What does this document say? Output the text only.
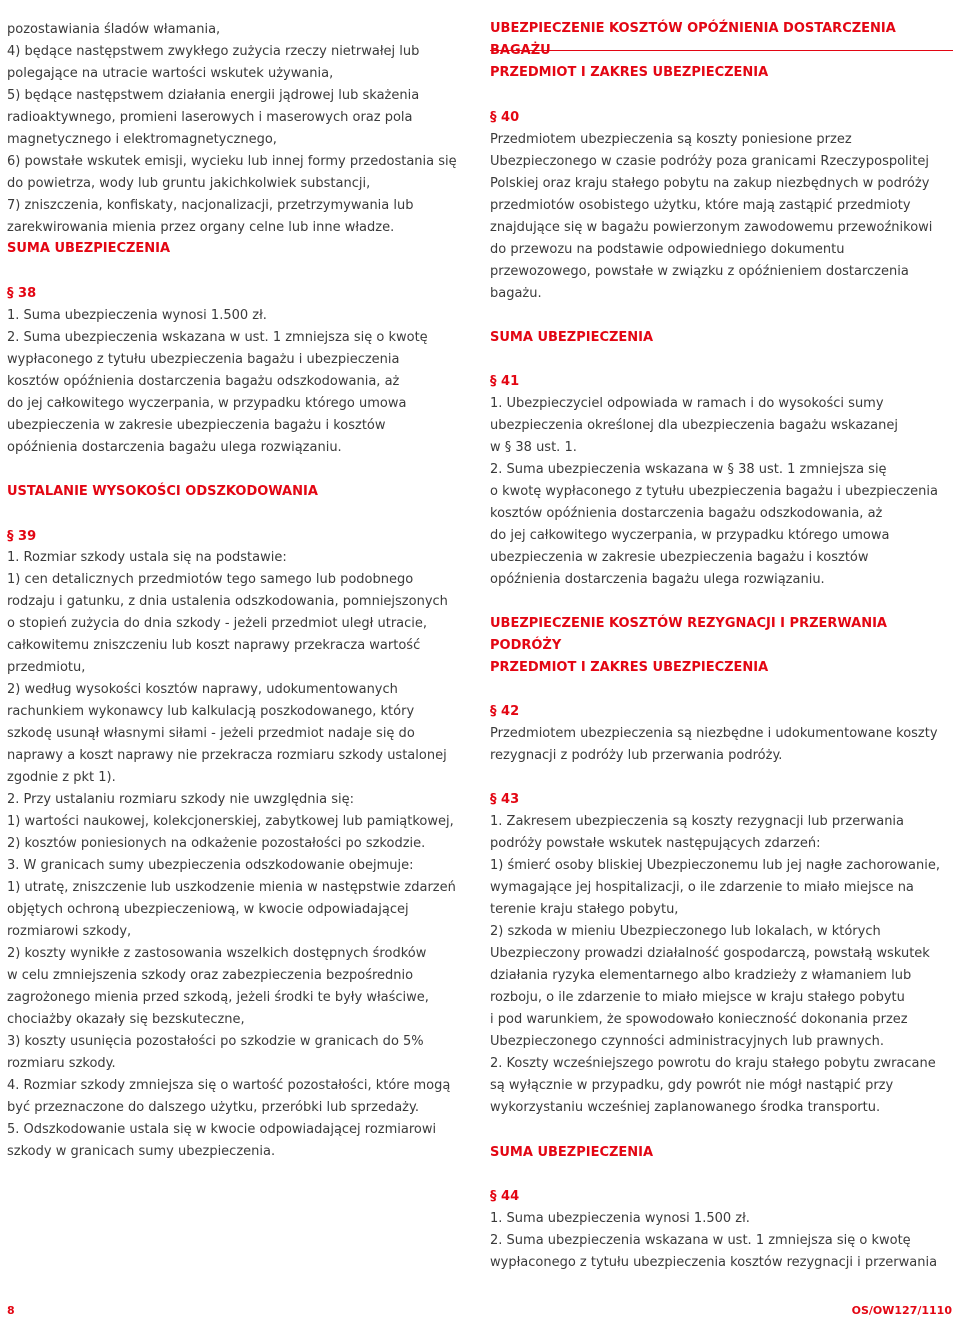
pozostawiania śladów włamania,
4) będące następstwem zwykłego zużycia rzeczy nietrwałej lub
polegające na utracie wartości wskutek używania,
5) będące następstwem działania energii jądrowej lub skażenia
radioaktywnego, promieni laserowych i maserowych oraz pola
magnetycznego i elektromagnetycznego,
6) powstałe wskutek emisji, wycieku lub innej formy przedostania się
do powietrza, wody lub gruntu jakichkolwiek substancji,
7) zniszczenia, konfiskaty, nacjonalizacji, przetrzymywania lub
zarekwirowania mienia przez organy celne lub inne władze.
SUMA UBEZPIECZENIA
§ 38
1. Suma ubezpieczenia wynosi 1.500 zł.
2. Suma ubezpieczenia wskazana w ust. 1 zmniejsza się o kwotę
wypłaconego z tytułu ubezpieczenia bagażu i ubezpieczenia
kosztów opóźnienia dostarczenia bagażu odszkodowania, aż
do jej całkowitego wyczerpania, w przypadku którego umowa
ubezpieczenia w zakresie ubezpieczenia bagażu i kosztów
opóźnienia dostarczenia bagażu ulega rozwiązaniu.
USTALANIE WYSOKOŚCI ODSZKODOWANIA
§ 39
1. Rozmiar szkody ustala się na podstawie:
1) cen detalicznych przedmiotów tego samego lub podobnego
rodzaju i gatunku, z dnia ustalenia odszkodowania, pomniejszonych
o stopień zużycia do dnia szkody - jeżeli przedmiot uległ utracie,
całkowitemu zniszczeniu lub koszt naprawy przekracza wartość
przedmiotu,
2) według wysokości kosztów naprawy, udokumentowanych
rachunkiem wykonawcy lub kalkulacją poszkodowanego, który
szkodę usunął własnymi siłami - jeżeli przedmiot nadaje się do
naprawy a koszt naprawy nie przekracza rozmiaru szkody ustalonej
zgodnie z pkt 1).
2. Przy ustalaniu rozmiaru szkody nie uwzględnia się:
1) wartości naukowej, kolekcjonerskiej, zabytkowej lub pamiątkowej,
2) kosztów poniesionych na odkażenie pozostałości po szkodzie.
3. W granicach sumy ubezpieczenia odszkodowanie obejmuje:
1) utratę, zniszczenie lub uszkodzenie mienia w następstwie zdarzeń
objętych ochroną ubezpieczeniową, w kwocie odpowiadającej
rozmiarowi szkody,
2) koszty wynikłe z zastosowania wszelkich dostępnych środków
w celu zmniejszenia szkody oraz zabezpieczenia bezpośrednio
zagrożonego mienia przed szkodą, jeżeli środki te były właściwe,
chociażby okazały się bezskuteczne,
3) koszty usunięcia pozostałości po szkodzie w granicach do 5%
rozmiaru szkody.
4. Rozmiar szkody zmniejsza się o wartość pozostałości, które mogą
być przeznaczone do dalszego użytku, przeróbki lub sprzedaży.
5. Odszkodowanie ustala się w kwocie odpowiadającej rozmiarowi
szkody w granicach sumy ubezpieczenia.
UBEZPIECZENIE KOSZTÓW OPÓŹNIENIA DOSTARCZENIA BAGAŻU
PRZEDMIOT I ZAKRES UBEZPIECZENIA
§ 40
Przedmiotem ubezpieczenia są koszty poniesione przez
Ubezpieczonego w czasie podróży poza granicami Rzeczypospolitej
Polskiej oraz kraju stałego pobytu na zakup niezbędnych w podróży
przedmiotów osobistego użytku, które mają zastąpić przedmioty
znajdujące się w bagażu powierzonym zawodowemu przewoźnikowi
do przewozu na podstawie odpowiedniego dokumentu
przewozowego, powstałe w związku z opóźnieniem dostarczenia
bagażu.
SUMA UBEZPIECZENIA
§ 41
1. Ubezpieczyciel odpowiada w ramach i do wysokości sumy
ubezpieczenia określonej dla ubezpieczenia bagażu wskazanej
w § 38 ust. 1.
2. Suma ubezpieczenia wskazana w § 38 ust. 1 zmniejsza się
o kwotę wypłaconego z tytułu ubezpieczenia bagażu i ubezpieczenia
kosztów opóźnienia dostarczenia bagażu odszkodowania, aż
do jej całkowitego wyczerpania, w przypadku którego umowa
ubezpieczenia w zakresie ubezpieczenia bagażu i kosztów
opóźnienia dostarczenia bagażu ulega rozwiązaniu.
UBEZPIECZENIE KOSZTÓW REZYGNACJI I PRZERWANIA PODRÓŻY
PRZEDMIOT I ZAKRES UBEZPIECZENIA
§ 42
Przedmiotem ubezpieczenia są niezbędne i udokumentowane koszty
rezygnacji z podróży lub przerwania podróży.
§ 43
1. Zakresem ubezpieczenia są koszty rezygnacji lub przerwania
podróży powstałe wskutek następujących zdarzeń:
1) śmierć osoby bliskiej Ubezpieczonemu lub jej nagłe zachorowanie,
wymagające jej hospitalizacji, o ile zdarzenie to miało miejsce na
terenie kraju stałego pobytu,
2) szkoda w mieniu Ubezpieczonego lub lokalach, w których
Ubezpieczony prowadzi działalność gospodarczą, powstałą wskutek
działania ryzyka elementarnego albo kradzieży z włamaniem lub
rozboju, o ile zdarzenie to miało miejsce w kraju stałego pobytu
i pod warunkiem, że spowodowało konieczność dokonania przez
Ubezpieczonego czynności administracyjnych lub prawnych.
2. Koszty wcześniejszego powrotu do kraju stałego pobytu zwracane
są wyłącznie w przypadku, gdy powrót nie mógł nastąpić przy
wykorzystaniu wcześniej zaplanowanego środka transportu.
SUMA UBEZPIECZENIA
§ 44
1. Suma ubezpieczenia wynosi 1.500 zł.
2. Suma ubezpieczenia wskazana w ust. 1 zmniejsza się o kwotę
wypłaconego z tytułu ubezpieczenia kosztów rezygnacji i przerwania
8	OS/OW127/1110
